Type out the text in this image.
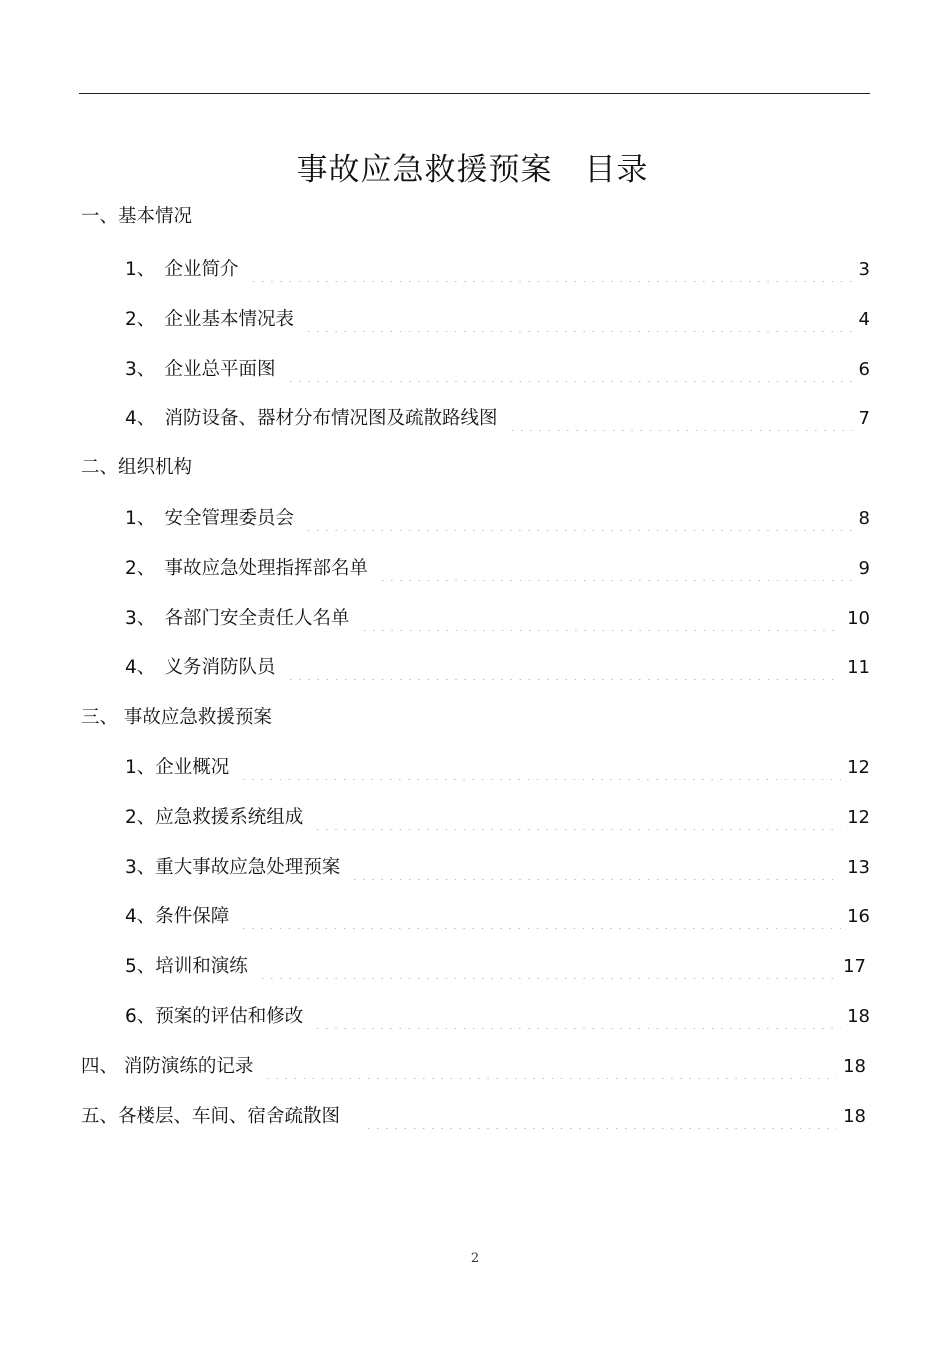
事故应急救援预案　目录
一、基本情况
1、　企业简介	3
2、　企业基本情况表	4
3、　企业总平面图	6
4、　消防设备、器材分布情况图及疏散路线图	7
二、组织机构
1、　安全管理委员会	8
2、　事故应急处理指挥部名单	9
3、　各部门安全责任人名单	10
4、　义务消防队员	11
三、 事故应急救援预案
1、企业概况	12
2、应急救援系统组成	12
3、重大事故应急处理预案	13
4、条件保障	16
5、培训和演练	17
6、预案的评估和修改	18
四、 消防演练的记录	18
五、各楼层、车间、宿舍疏散图	18
2
